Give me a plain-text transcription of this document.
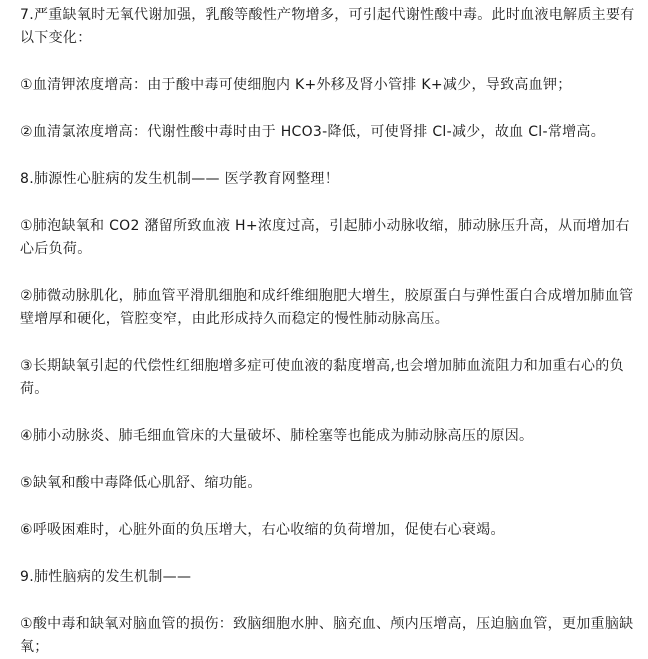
7.严重缺氧时无氧代谢加强，乳酸等酸性产物增多，可引起代谢性酸中毒。此时血液电解质主要有以下变化：

①血清钾浓度增高：由于酸中毒可使细胞内 K+外移及肾小管排 K+减少，导致高血钾；

②血清氯浓度增高：代谢性酸中毒时由于 HCO3-降低，可使肾排 Cl-减少，故血 Cl-常增高。

8.肺源性心脏病的发生机制—— 医学教育网整理！

①肺泡缺氧和 CO2 潴留所致血液 H+浓度过高，引起肺小动脉收缩，肺动脉压升高，从而增加右心后负荷。

②肺微动脉肌化，肺血管平滑肌细胞和成纤维细胞肥大增生，胶原蛋白与弹性蛋白合成增加肺血管壁增厚和硬化，管腔变窄，由此形成持久而稳定的慢性肺动脉高压。

③长期缺氧引起的代偿性红细胞增多症可使血液的黏度增高,也会增加肺血流阻力和加重右心的负荷。

④肺小动脉炎、肺毛细血管床的大量破坏、肺栓塞等也能成为肺动脉高压的原因。

⑤缺氧和酸中毒降低心肌舒、缩功能。

⑥呼吸困难时，心脏外面的负压增大，右心收缩的负荷增加，促使右心衰竭。

9.肺性脑病的发生机制——

①酸中毒和缺氧对脑血管的损伤：致脑细胞水肿、脑充血、颅内压增高，压迫脑血管，更加重脑缺氧；
